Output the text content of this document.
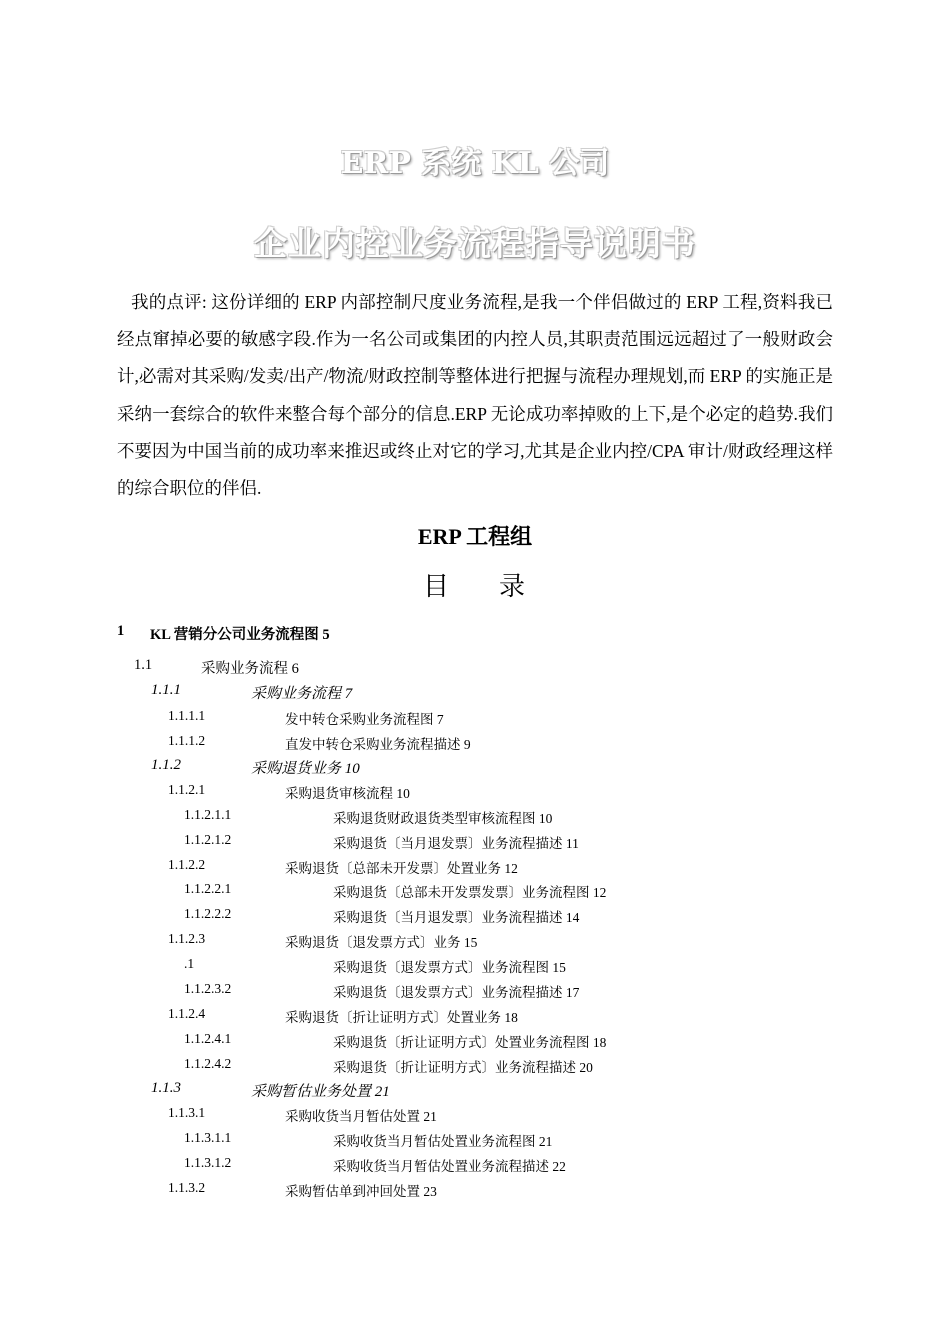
ERP 系统 KL 公司
企业内控业务流程指导说明书
我的点评: 这份详细的 ERP 内部控制尺度业务流程,是我一个伴侣做过的 ERP 工程,资料我已经点窜掉必要的敏感字段.作为一名公司或集团的内控人员,其职责范围远远超过了一般财政会计,必需对其采购/发卖/出产/物流/财政控制等整体进行把握与流程办理规划,而 ERP 的实施正是采纳一套综合的软件来整合每个部分的信息.ERP 无论成功率掉败的上下,是个必定的趋势.我们不要因为中国当前的成功率来推迟或终止对它的学习,尤其是企业内控/CPA 审计/财政经理这样的综合职位的伴侣.
ERP 工程组
目 录
1 KL 营销分公司业务流程图 5
1.1	采购业务流程 6
1.1.1	采购业务流程 7
1.1.1.1	发中转仓采购业务流程图 7
1.1.1.2	直发中转仓采购业务流程描述 9
1.1.2	采购退货业务 10
1.1.2.1	采购退货审核流程 10
1.1.2.1.1	采购退货财政退货类型审核流程图 10
1.1.2.1.2	采购退货〔当月退发票〕业务流程描述 11
1.1.2.2	采购退货〔总部未开发票〕处置业务 12
1.1.2.2.1	采购退货〔总部未开发票发票〕业务流程图 12
1.1.2.2.2	采购退货〔当月退发票〕业务流程描述 14
1.1.2.3	采购退货〔退发票方式〕业务 15
.1	采购退货〔退发票方式〕业务流程图 15
1.1.2.3.2	采购退货〔退发票方式〕业务流程描述 17
1.1.2.4	采购退货〔折让证明方式〕处置业务 18
1.1.2.4.1	采购退货〔折让证明方式〕处置业务流程图 18
1.1.2.4.2	采购退货〔折让证明方式〕业务流程描述 20
1.1.3	采购暂估业务处置 21
1.1.3.1	采购收货当月暂估处置 21
1.1.3.1.1	采购收货当月暂估处置业务流程图 21
1.1.3.1.2	采购收货当月暂估处置业务流程描述 22
1.1.3.2	采购暂估单到冲回处置 23
